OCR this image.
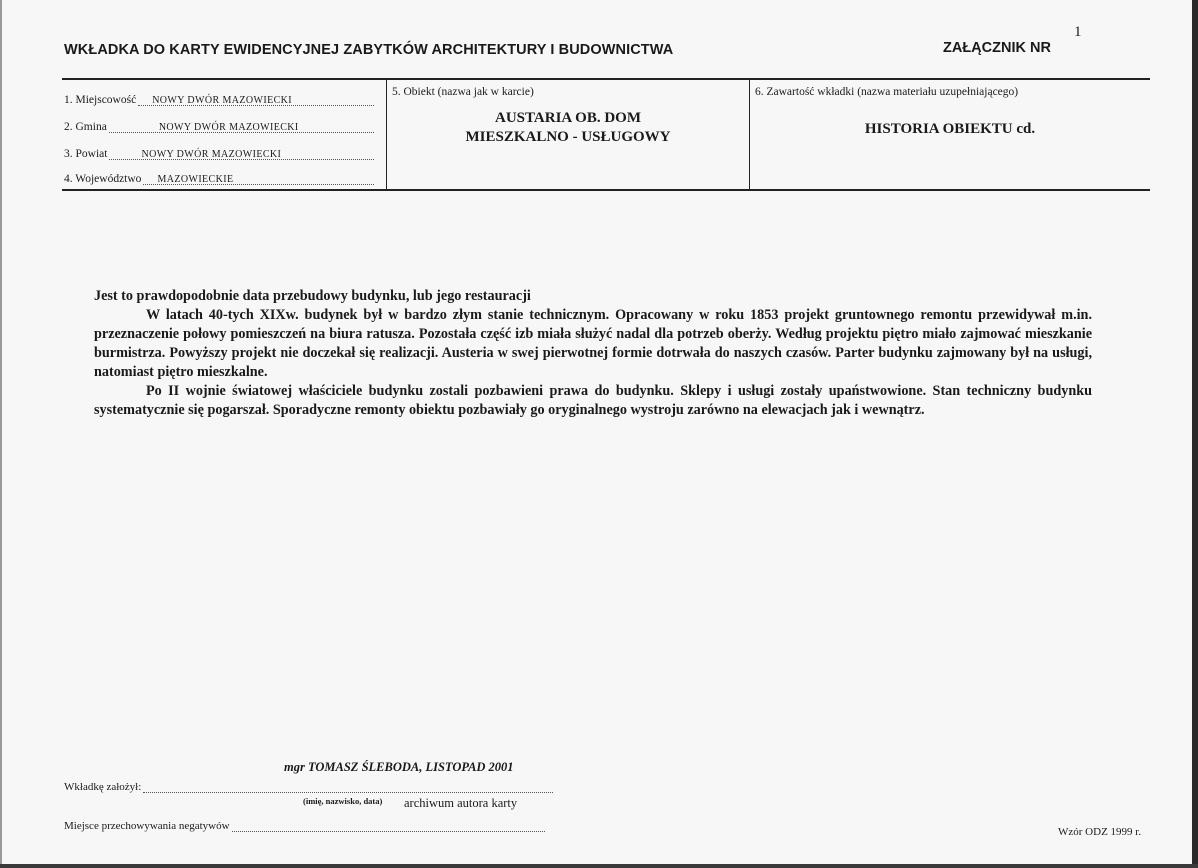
WKŁADKA DO KARTY EWIDENCYJNEJ ZABYTKÓW ARCHITEKTURY I BUDOWNICTWA	ZAŁĄCZNIK NR
1
1. Miejscowość NOWY DWÓR MAZOWIECKI
2. Gmina	NOWY DWÓR MAZOWIECKI
3. Powiat	NOWY DWÓR MAZOWIECKI
4. Województwo MAZOWIECKIE
5. Obiekt (nazwa jak w karcie)
AUSTARIA OB. DOM
MIESZKALNO - USŁUGOWY
6. Zawartość wkładki (nazwa materiału uzupełniającego)
HISTORIA OBIEKTU cd.

Jest to prawdopodobnie data przebudowy budynku, lub jego restauracji

W latach 40-tych XIXw. budynek był w bardzo złym stanie technicznym. Opracowany w roku 1853 projekt gruntownego remontu przewidywał m.in. przeznaczenie połowy pomieszczeń na biura ratusza. Pozostała część izb miała służyć nadal dla potrzeb oberży. Według projektu piętro miało zajmować mieszkanie burmistrza. Powyższy projekt nie doczekał się realizacji. Austeria w swej pierwotnej formie dotrwała do naszych czasów. Parter budynku zajmowany był na usługi, natomiast piętro mieszkalne.

Po II wojnie światowej właściciele budynku zostali pozbawieni prawa do budynku. Sklepy i usługi zostały upaństwowione. Stan techniczny budynku systematycznie się pogarszał. Sporadyczne remonty obiektu pozbawiały go oryginalnego wystroju zarówno na elewacjach jak i wewnątrz.

mgr TOMASZ ŚLEBODA, LISTOPAD 2001
Wkładkę założył:
(imię, nazwisko, data) archiwum autora karty
Miejsce przechowywania negatywów	Wzór ODZ 1999 r.
